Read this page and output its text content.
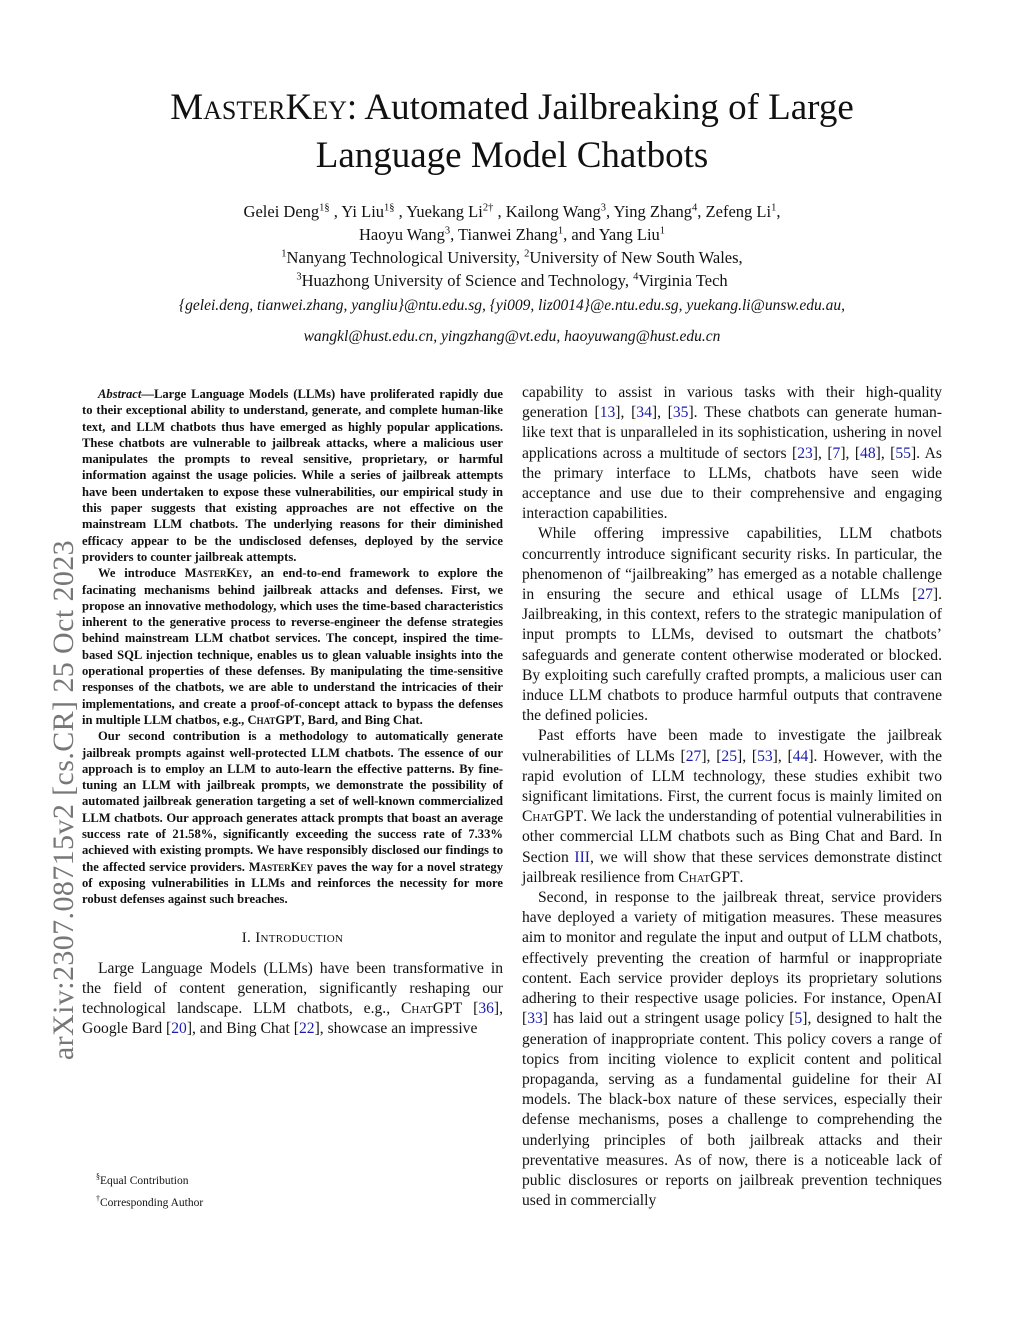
arXiv:2307.08715v2 [cs.CR] 25 Oct 2023
MasterKey: Automated Jailbreaking of Large
Language Model Chatbots
Gelei Deng$^{1\S}$ , Yi Liu$^{1\S}$ , Yuekang $Li^{2\dagger}$ , Kailong Wang$^3$, Ying Zhang$^4$, Zefeng Li$^1$,
Haoyu Wang$^3$, Tianwei Zhang$^1$, and Yang Liu$^1$
$^1$Nanyang Technological University, $^2$University of New South Wales,
$^3$Huazhong University of Science and Technology, $^4$Virginia Tech
{gelei.deng, tianwei.zhang, yangliu}@ntu.edu.sg, {yi009, liz0014}@e.ntu.edu.sg, yuekang.li@unsw.edu.au,
wangkl@hust.edu.cn, yingzhang@vt.edu, haoyuwang@hust.edu.cn

Abstract—Large Language Models (LLMs) have proliferated rapidly due to their exceptional ability to understand, generate, and complete human-like text, and LLM chatbots thus have emerged as highly popular applications. These chatbots are vulnerable to jailbreak attacks, where a malicious user manipulates the prompts to reveal sensitive, proprietary, or harmful information against the usage policies. While a series of jailbreak attempts have been undertaken to expose these vulnerabilities, our empirical study in this paper suggests that existing approaches are not effective on the mainstream LLM chatbots. The underlying reasons for their diminished efficacy appear to be the undisclosed defenses, deployed by the service providers to counter jailbreak attempts.

We introduce MasterKey, an end-to-end framework to explore the facinating mechanisms behind jailbreak attacks and defenses. First, we propose an innovative methodology, which uses the time-based characteristics inherent to the generative process to reverse-engineer the defense strategies behind mainstream LLM chatbot services. The concept, inspired the time-based SQL injection technique, enables us to glean valuable insights into the operational properties of these defenses. By manipulating the time-sensitive responses of the chatbots, we are able to understand the intricacies of their implementations, and create a proof-of-concept attack to bypass the defenses in multiple LLM chatbos, e.g., ChatGPT, Bard, and Bing Chat.

Our second contribution is a methodology to automatically generate jailbreak prompts against well-protected LLM chatbots. The essence of our approach is to employ an LLM to auto-learn the effective patterns. By fine-tuning an LLM with jailbreak prompts, we demonstrate the possibility of automated jailbreak generation targeting a set of well-known commercialized LLM chatbots. Our approach generates attack prompts that boast an average success rate of 21.58%, significantly exceeding the success rate of 7.33% achieved with existing prompts. We have responsibly disclosed our findings to the affected service providers. MasterKey paves the way for a novel strategy of exposing vulnerabilities in LLMs and reinforces the necessity for more robust defenses against such breaches.

I. Introduction

Large Language Models (LLMs) have been transformative in the field of content generation, significantly reshaping our technological landscape. LLM chatbots, e.g., ChatGPT [36], Google Bard [20], and Bing Chat [22], showcase an impressive

§Equal Contribution
†Corresponding Author

capability to assist in various tasks with their high-quality generation [13], [34], [35]. These chatbots can generate human-like text that is unparalleled in its sophistication, ushering in novel applications across a multitude of sectors [23], [7], [48], [55]. As the primary interface to LLMs, chatbots have seen wide acceptance and use due to their comprehensive and engaging interaction capabilities.

While offering impressive capabilities, LLM chatbots concurrently introduce significant security risks. In particular, the phenomenon of “jailbreaking” has emerged as a notable challenge in ensuring the secure and ethical usage of LLMs [27]. Jailbreaking, in this context, refers to the strategic manipulation of input prompts to LLMs, devised to outsmart the chatbots’ safeguards and generate content otherwise moderated or blocked. By exploiting such carefully crafted prompts, a malicious user can induce LLM chatbots to produce harmful outputs that contravene the defined policies.

Past efforts have been made to investigate the jailbreak vulnerabilities of LLMs [27], [25], [53], [44]. However, with the rapid evolution of LLM technology, these studies exhibit two significant limitations. First, the current focus is mainly limited on ChatGPT. We lack the understanding of potential vulnerabilities in other commercial LLM chatbots such as Bing Chat and Bard. In Section III, we will show that these services demonstrate distinct jailbreak resilience from ChatGPT.

Second, in response to the jailbreak threat, service providers have deployed a variety of mitigation measures. These measures aim to monitor and regulate the input and output of LLM chatbots, effectively preventing the creation of harmful or inappropriate content. Each service provider deploys its proprietary solutions adhering to their respective usage policies. For instance, OpenAI [33] has laid out a stringent usage policy [5], designed to halt the generation of inappropriate content. This policy covers a range of topics from inciting violence to explicit content and political propaganda, serving as a fundamental guideline for their AI models. The black-box nature of these services, especially their defense mechanisms, poses a challenge to comprehending the underlying principles of both jailbreak attacks and their preventative measures. As of now, there is a noticeable lack of public disclosures or reports on jailbreak prevention techniques used in commercially
